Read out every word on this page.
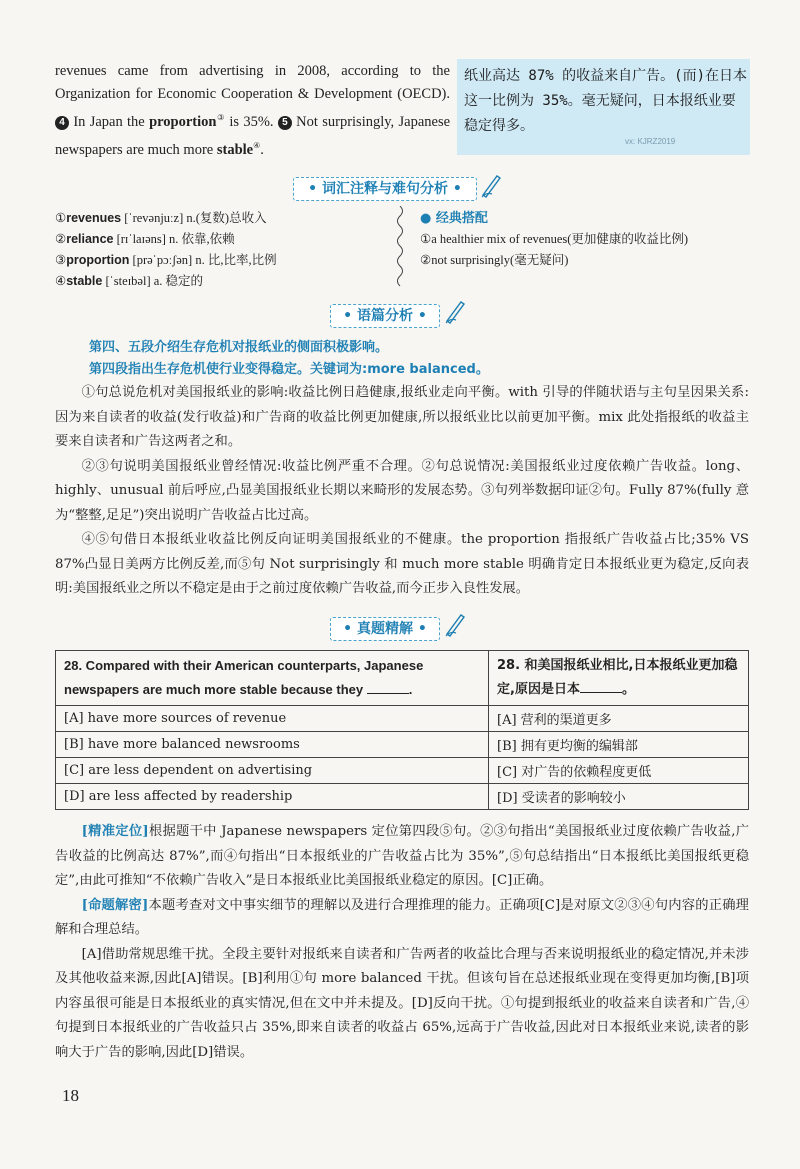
revenues came from advertising in 2008, according to the Organization for Economic Cooperation & Development (OECD). 4 In Japan the proportion③ is 35%. 5 Not surprisingly, Japanese newspapers are much more stable④.
纸业高达 87% 的收益来自广告。(而)在日本这一比例为 35%。毫无疑问，日本报纸业要稳定得多。
vx: KJRZ2019
• 词汇注释与难句分析 •
①revenues [ˈrevənjuːz] n.(复数)总收入
②reliance [rɪˈlaɪəns] n. 依靠,依赖
③proportion [prəˈpɔːʃən] n. 比,比率,比例
④stable [ˈsteɪbəl] a. 稳定的
● 经典搭配
①a healthier mix of revenues(更加健康的收益比例)
②not surprisingly(毫无疑问)
• 语篇分析 •
第四、五段介绍生存危机对报纸业的侧面积极影响。
第四段指出生存危机使行业变得稳定。关键词为:more balanced。
①句总说危机对美国报纸业的影响:收益比例日趋健康,报纸业走向平衡。with 引导的伴随状语与主句呈因果关系:因为来自读者的收益(发行收益)和广告商的收益比例更加健康,所以报纸业比以前更加平衡。mix 此处指报纸的收益主要来自读者和广告这两者之和。
②③句说明美国报纸业曾经情况:收益比例严重不合理。②句总说情况:美国报纸业过度依赖广告收益。long、highly、unusual 前后呼应,凸显美国报纸业长期以来畸形的发展态势。③句列举数据印证②句。Fully 87%(fully 意为“整整,足足”)突出说明广告收益占比过高。
④⑤句借日本报纸业收益比例反向证明美国报纸业的不健康。the proportion 指报纸广告收益占比;35% VS 87%凸显日美两方比例反差,而⑤句 Not surprisingly 和 much more stable 明确肯定日本报纸业更为稳定,反向表明:美国报纸业之所以不稳定是由于之前过度依赖广告收益,而今正步入良性发展。
• 真题精解 •
28. Compared with their American counterparts, Japanese newspapers are much more stable because they .	28. 和美国报纸业相比,日本报纸业更加稳定,原因是日本 。
[A] have more sources of revenue	[A] 营利的渠道更多
[B] have more balanced newsrooms	[B] 拥有更均衡的编辑部
[C] are less dependent on advertising	[C] 对广告的依赖程度更低
[D] are less affected by readership	[D] 受读者的影响较小
[精准定位]根据题干中 Japanese newspapers 定位第四段⑤句。②③句指出“美国报纸业过度依赖广告收益,广告收益的比例高达 87%”,而④句指出“日本报纸业的广告收益占比为 35%”,⑤句总结指出“日本报纸比美国报纸更稳定”,由此可推知“不依赖广告收入”是日本报纸业比美国报纸业稳定的原因。[C]正确。
[命题解密]本题考查对文中事实细节的理解以及进行合理推理的能力。正确项[C]是对原文②③④句内容的正确理解和合理总结。
[A]借助常规思维干扰。全段主要针对报纸来自读者和广告两者的收益比合理与否来说明报纸业的稳定情况,并未涉及其他收益来源,因此[A]错误。[B]利用①句 more balanced 干扰。但该句旨在总述报纸业现在变得更加均衡,[B]项内容虽很可能是日本报纸业的真实情况,但在文中并未提及。[D]反向干扰。①句提到报纸业的收益来自读者和广告,④句提到日本报纸业的广告收益只占 35%,即来自读者的收益占 65%,远高于广告收益,因此对日本报纸业来说,读者的影响大于广告的影响,因此[D]错误。
18
